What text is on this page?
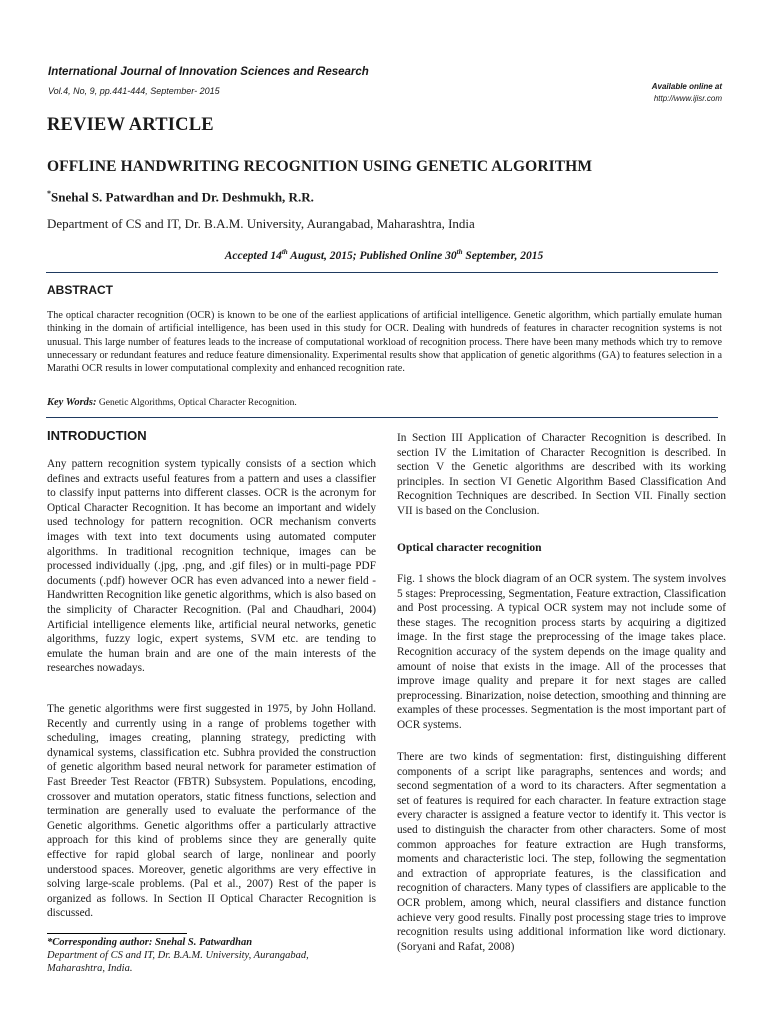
International Journal of Innovation Sciences and Research
Vol.4, No, 9, pp.441-444, September- 2015	Available online at
http://www.ijisr.com
REVIEW ARTICLE
OFFLINE HANDWRITING RECOGNITION USING GENETIC ALGORITHM
*Snehal S. Patwardhan and Dr. Deshmukh, R.R.
Department of CS and IT, Dr. B.A.M. University, Aurangabad, Maharashtra, India
Accepted 14th August, 2015; Published Online 30th September, 2015
ABSTRACT
The optical character recognition (OCR) is known to be one of the earliest applications of artificial intelligence. Genetic algorithm, which partially emulate human thinking in the domain of artificial intelligence, has been used in this study for OCR. Dealing with hundreds of features in character recognition systems is not unusual. This large number of features leads to the increase of computational workload of recognition process. There have been many methods which try to remove unnecessary or redundant features and reduce feature dimensionality. Experimental results show that application of genetic algorithms (GA) to features selection in a Marathi OCR results in lower computational complexity and enhanced recognition rate.
Key Words: Genetic Algorithms, Optical Character Recognition.
INTRODUCTION
Any pattern recognition system typically consists of a section which defines and extracts useful features from a pattern and uses a classifier to classify input patterns into different classes. OCR is the acronym for Optical Character Recognition. It has become an important and widely used technology for pattern recognition. OCR mechanism converts images with text into text documents using automated computer algorithms. In traditional recognition technique, images can be processed individually (.jpg, .png, and .gif files) or in multi-page PDF documents (.pdf) however OCR has even advanced into a newer field - Handwritten Recognition like genetic algorithms, which is also based on the simplicity of Character Recognition. (Pal and Chaudhari, 2004) Artificial intelligence elements like, artificial neural networks, genetic algorithms, fuzzy logic, expert systems, SVM etc. are tending to emulate the human brain and are one of the main interests of the researches nowadays.
The genetic algorithms were first suggested in 1975, by John Holland. Recently and currently using in a range of problems together with scheduling, images creating, planning strategy, predicting with dynamical systems, classification etc. Subhra provided the construction of genetic algorithm based neural network for parameter estimation of Fast Breeder Test Reactor (FBTR) Subsystem. Populations, encoding, crossover and mutation operators, static fitness functions, selection and termination are generally used to evaluate the performance of the Genetic algorithms. Genetic algorithms offer a particularly attractive approach for this kind of problems since they are generally quite effective for rapid global search of large, nonlinear and poorly understood spaces. Moreover, genetic algorithms are very effective in solving large-scale problems. (Pal et al., 2007) Rest of the paper is organized as follows. In Section II Optical Character Recognition is discussed.
In Section III Application of Character Recognition is described. In section IV the Limitation of Character Recognition is described. In section V the Genetic algorithms are described with its working principles. In section VI Genetic Algorithm Based Classification And Recognition Techniques are described. In Section VII. Finally section VII is based on the Conclusion.
Optical character recognition
Fig. 1 shows the block diagram of an OCR system. The system involves 5 stages: Preprocessing, Segmentation, Feature extraction, Classification and Post processing. A typical OCR system may not include some of these stages. The recognition process starts by acquiring a digitized image. In the first stage the preprocessing of the image takes place. Recognition accuracy of the system depends on the image quality and amount of noise that exists in the image. All of the processes that improve image quality and prepare it for next stages are called preprocessing. Binarization, noise detection, smoothing and thinning are examples of these processes. Segmentation is the most important part of OCR systems.
There are two kinds of segmentation: first, distinguishing different components of a script like paragraphs, sentences and words; and second segmentation of a word to its characters. After segmentation a set of features is required for each character. In feature extraction stage every character is assigned a feature vector to identify it. This vector is used to distinguish the character from other characters. Some of most common approaches for feature extraction are Hugh transforms, moments and characteristic loci. The step, following the segmentation and extraction of appropriate features, is the classification and recognition of characters. Many types of classifiers are applicable to the OCR problem, among which, neural classifiers and distance function achieve very good results. Finally post processing stage tries to improve recognition results using additional information like word dictionary. (Soryani and Rafat, 2008)
*Corresponding author: Snehal S. Patwardhan
Department of CS and IT, Dr. B.A.M. University, Aurangabad,
Maharashtra, India.
